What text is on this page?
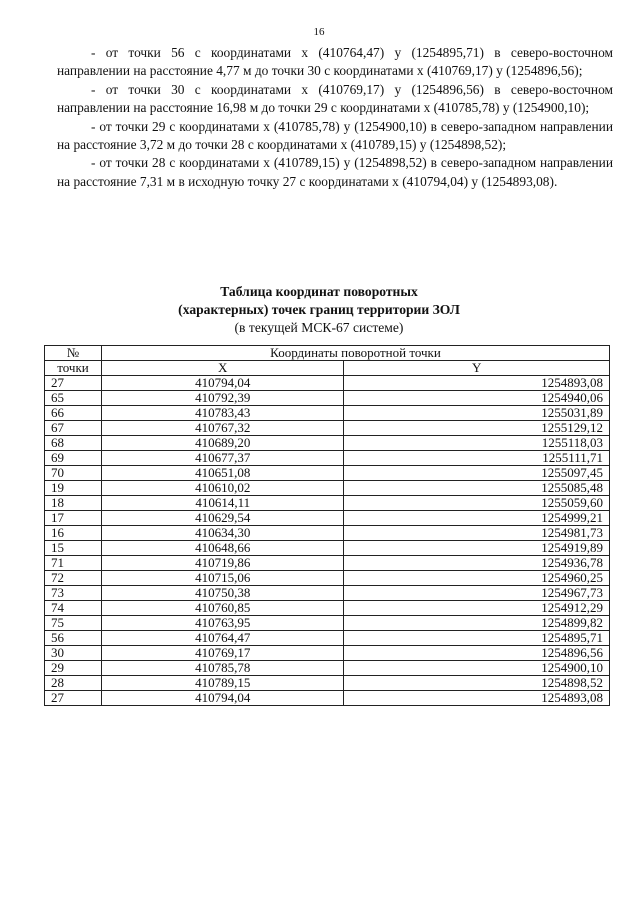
16

- от точки 56 с координатами х (410764,47) у (1254895,71) в северо-восточном направлении на расстояние 4,77 м до точки 30 с координатами х (410769,17) у (1254896,56);

- от точки 30 с координатами х (410769,17) у (1254896,56) в северо-восточном направлении на расстояние 16,98 м до точки 29 с координатами х (410785,78) у (1254900,10);

- от точки 29 с координатами х (410785,78) у (1254900,10) в северо-западном направлении на расстояние 3,72 м до точки 28 с координатами х (410789,15) у (1254898,52);

- от точки 28 с координатами х (410789,15) у (1254898,52) в северо-западном направлении на расстояние 7,31 м в исходную точку 27 с координатами х (410794,04) у (1254893,08).

Таблица координат поворотных
(характерных) точек границ территории ЗОЛ
(в текущей МСК-67 системе)
№	Координаты поворотной точки	
точки	X	Y
27	410794,04	1254893,08
65	410792,39	1254940,06
66	410783,43	1255031,89
67	410767,32	1255129,12
68	410689,20	1255118,03
69	410677,37	1255111,71
70	410651,08	1255097,45
19	410610,02	1255085,48
18	410614,11	1255059,60
17	410629,54	1254999,21
16	410634,30	1254981,73
15	410648,66	1254919,89
71	410719,86	1254936,78
72	410715,06	1254960,25
73	410750,38	1254967,73
74	410760,85	1254912,29
75	410763,95	1254899,82
56	410764,47	1254895,71
30	410769,17	1254896,56
29	410785,78	1254900,10
28	410789,15	1254898,52
27	410794,04	1254893,08
